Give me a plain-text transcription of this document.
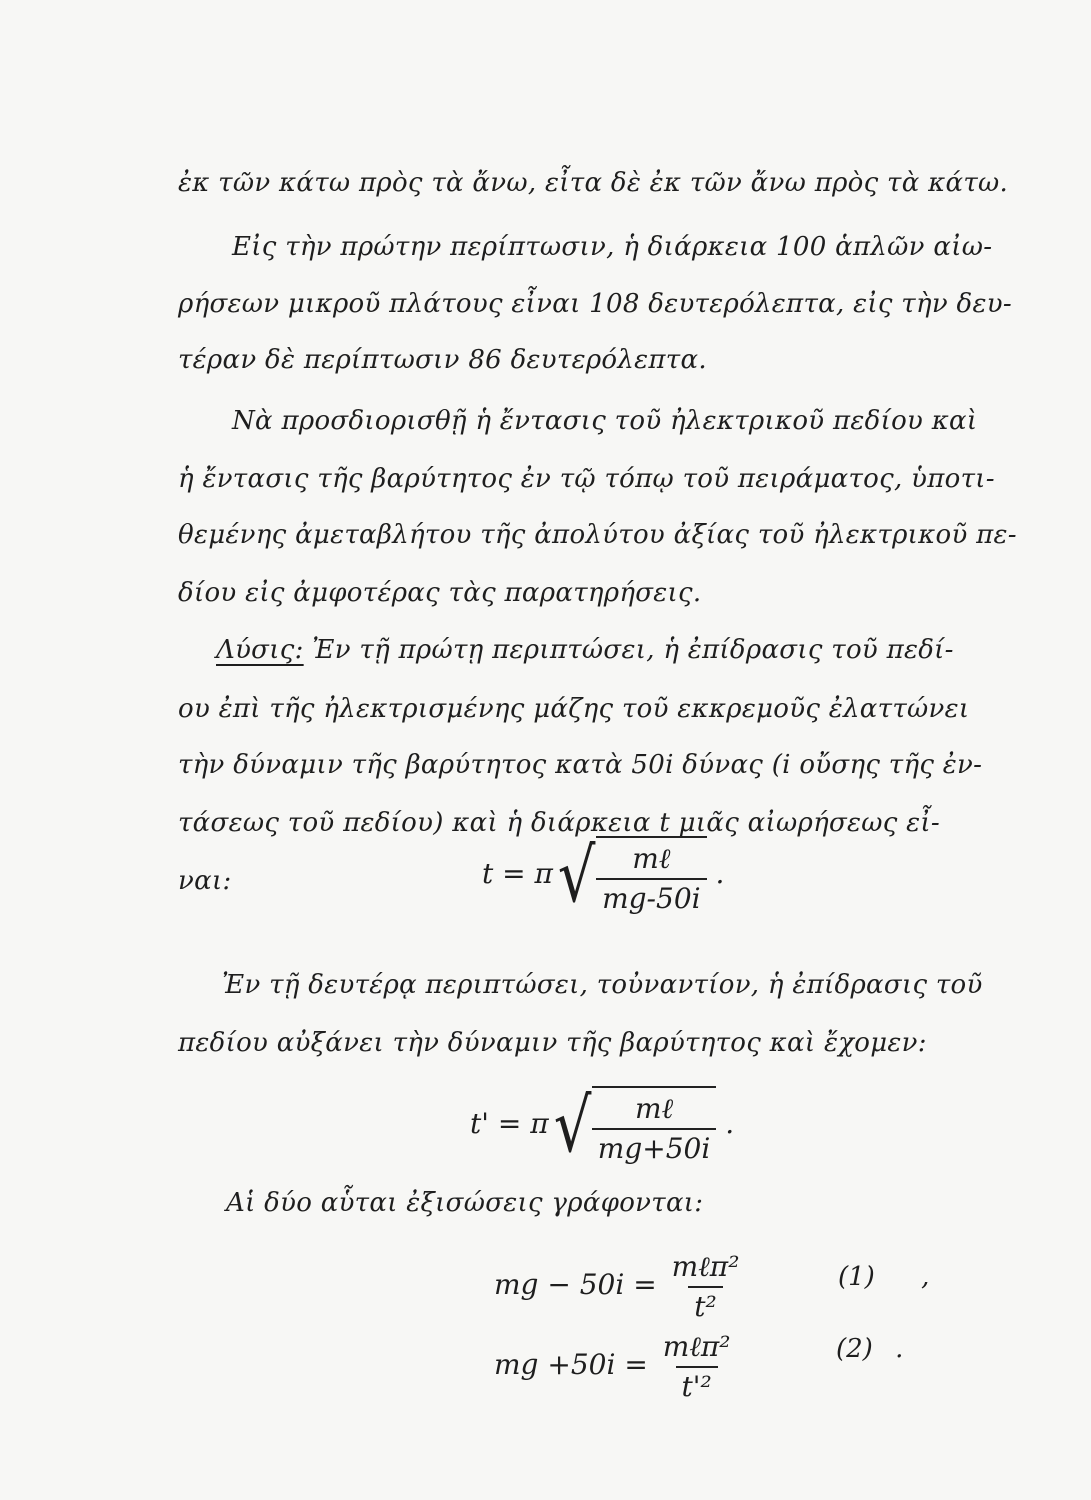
ἐκ τῶν κάτω πρὸς τὰ ἄνω, εἶτα δὲ ἐκ τῶν ἄνω πρὸς τὰ κάτω.
Εἰς τὴν πρώτην περίπτωσιν, ἡ διάρκεια 100 ἁπλῶν αἰω-
ρήσεων μικροῦ πλάτους εἶναι 108 δευτερόλεπτα, εἰς τὴν δευ-
τέραν δὲ περίπτωσιν 86 δευτερόλεπτα.
Νὰ προσδιορισθῇ ἡ ἔντασις τοῦ ἠλεκτρικοῦ πεδίου καὶ
ἡ ἔντασις τῆς βαρύτητος ἐν τῷ τόπῳ τοῦ πειράματος, ὑποτι-
θεμένης ἀμεταβλήτου τῆς ἀπολύτου ἀξίας τοῦ ἠλεκτρικοῦ πε-
δίου εἰς ἀμφοτέρας τὰς παρατηρήσεις.
Λύσις: Ἐν τῇ πρώτῃ περιπτώσει, ἡ ἐπίδρασις τοῦ πεδί-
ου ἐπὶ τῆς ἠλεκτρισμένης μάζης τοῦ εκκρεμοῦς ἐλαττώνει
τὴν δύναμιν τῆς βαρύτητος κατὰ 50i δύνας (i οὔσης τῆς ἐν-
τάσεως τοῦ πεδίου) καὶ ἡ διάρκεια t μιᾶς αἰωρήσεως εἶ-
ναι:	t = π √ $\frac{\text{mℓ}}{mg-50i}$ .
Ἐν τῇ δευτέρᾳ περιπτώσει, τοὐναντίον, ἡ ἐπίδρασις τοῦ
πεδίου αὐξάνει τὴν δύναμιν τῆς βαρύτητος καὶ ἔχομεν:
t' = π √ $\frac{\text{mℓ}}{mg+50i}$ .
Αἱ δύο αὗται ἐξισώσεις γράφονται:
mg − $50i = \frac{\text{mℓπ²}}{\text{t²}}$	(1) ,
mg $+50i = \frac{\text{mℓπ²}}{\text{t'²}}$	(2) .
